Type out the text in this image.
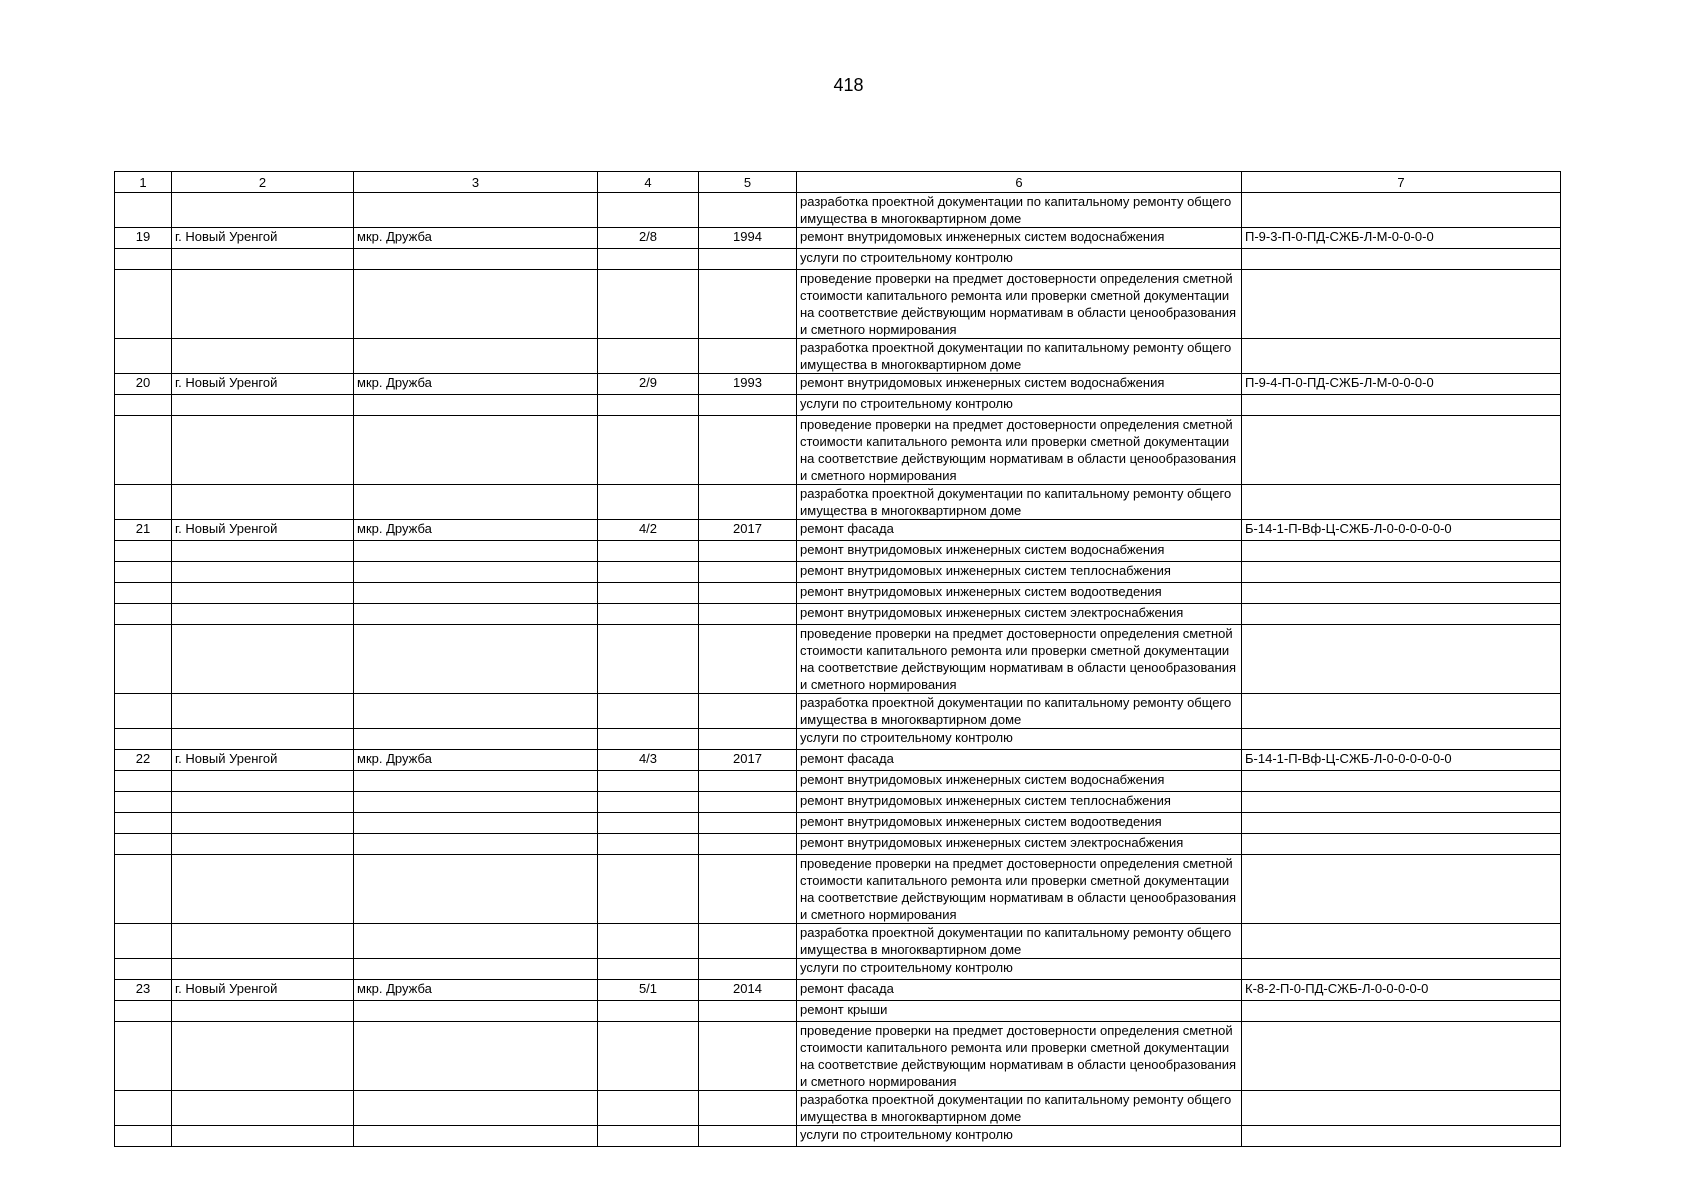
418
1	2	3	4	5	6	7
					разработка проектной документации по капитальному ремонту общего имущества в многоквартирном доме	
19	г. Новый Уренгой	мкр. Дружба	2/8	1994	ремонт внутридомовых инженерных систем водоснабжения	П-9-3-П-0-ПД-СЖБ-Л-М-0-0-0-0
					услуги по строительному контролю	
					проведение проверки на предмет достоверности определения сметной стоимости капитального ремонта или проверки сметной документации на соответствие действующим нормативам в области ценообразования и сметного нормирования	
					разработка проектной документации по капитальному ремонту общего имущества в многоквартирном доме	
20	г. Новый Уренгой	мкр. Дружба	2/9	1993	ремонт внутридомовых инженерных систем водоснабжения	П-9-4-П-0-ПД-СЖБ-Л-М-0-0-0-0
					услуги по строительному контролю	
					проведение проверки на предмет достоверности определения сметной стоимости капитального ремонта или проверки сметной документации на соответствие действующим нормативам в области ценообразования и сметного нормирования	
					разработка проектной документации по капитальному ремонту общего имущества в многоквартирном доме	
21	г. Новый Уренгой	мкр. Дружба	4/2	2017	ремонт фасада	Б-14-1-П-Вф-Ц-СЖБ-Л-0-0-0-0-0-0
					ремонт внутридомовых инженерных систем водоснабжения	
					ремонт внутридомовых инженерных систем теплоснабжения	
					ремонт внутридомовых инженерных систем водоотведения	
					ремонт внутридомовых инженерных систем электроснабжения	
					проведение проверки на предмет достоверности определения сметной стоимости капитального ремонта или проверки сметной документации на соответствие действующим нормативам в области ценообразования и сметного нормирования	
					разработка проектной документации по капитальному ремонту общего имущества в многоквартирном доме	
					услуги по строительному контролю	
22	г. Новый Уренгой	мкр. Дружба	4/3	2017	ремонт фасада	Б-14-1-П-Вф-Ц-СЖБ-Л-0-0-0-0-0-0
					ремонт внутридомовых инженерных систем водоснабжения	
					ремонт внутридомовых инженерных систем теплоснабжения	
					ремонт внутридомовых инженерных систем водоотведения	
					ремонт внутридомовых инженерных систем электроснабжения	
					проведение проверки на предмет достоверности определения сметной стоимости капитального ремонта или проверки сметной документации на соответствие действующим нормативам в области ценообразования и сметного нормирования	
					разработка проектной документации по капитальному ремонту общего имущества в многоквартирном доме	
					услуги по строительному контролю	
23	г. Новый Уренгой	мкр. Дружба	5/1	2014	ремонт фасада	К-8-2-П-0-ПД-СЖБ-Л-0-0-0-0-0
					ремонт крыши	
					проведение проверки на предмет достоверности определения сметной стоимости капитального ремонта или проверки сметной документации на соответствие действующим нормативам в области ценообразования и сметного нормирования	
					разработка проектной документации по капитальному ремонту общего имущества в многоквартирном доме	
					услуги по строительному контролю	
